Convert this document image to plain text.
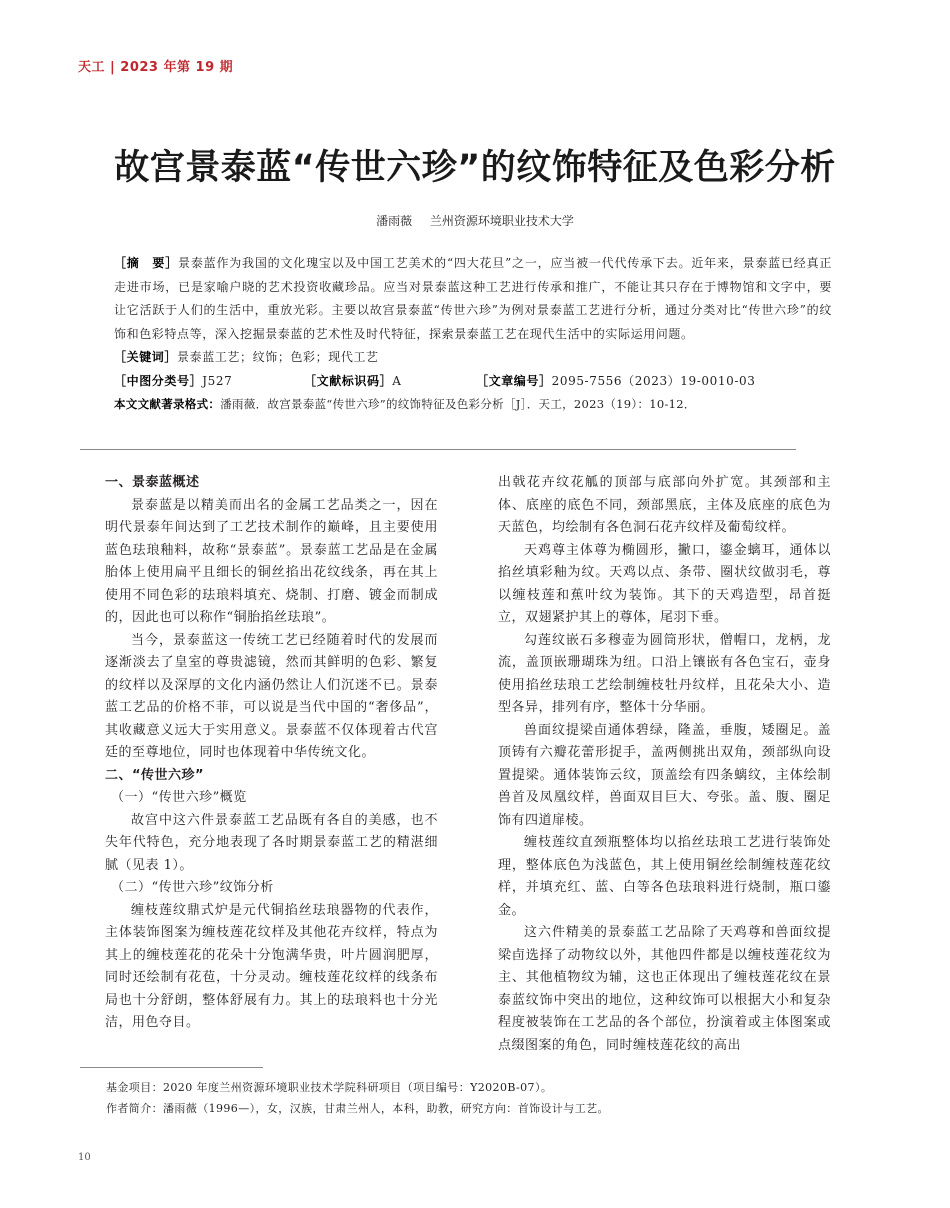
天工 | 2023 年第 19 期
故宫景泰蓝“传世六珍”的纹饰特征及色彩分析
潘雨薇 兰州资源环境职业技术大学

［摘　要］景泰蓝作为我国的文化瑰宝以及中国工艺美术的“四大花旦”之一，应当被一代代传承下去。近年来，景泰蓝已经真正走进市场，已是家喻户晓的艺术投资收藏珍品。应当对景泰蓝这种工艺进行传承和推广，不能让其只存在于博物馆和文字中，要让它活跃于人们的生活中，重放光彩。主要以故宫景泰蓝“传世六珍”为例对景泰蓝工艺进行分析，通过分类对比“传世六珍”的纹饰和色彩特点等，深入挖掘景泰蓝的艺术性及时代特征，探索景泰蓝工艺在现代生活中的实际运用问题。

［关键词］景泰蓝工艺；纹饰；色彩；现代工艺

［中图分类号］J527	［文献标识码］A	［文章编号］2095-7556（2023）19-0010-03

本文文献著录格式：潘雨薇．故宫景泰蓝“传世六珍”的纹饰特征及色彩分析［J］．天工，2023（19）：10-12．

一、景泰蓝概述

景泰蓝是以精美而出名的金属工艺品类之一，因在明代景泰年间达到了工艺技术制作的巅峰，且主要使用蓝色珐琅釉料，故称“景泰蓝”。景泰蓝工艺品是在金属胎体上使用扁平且细长的铜丝掐出花纹线条，再在其上使用不同色彩的珐琅料填充、烧制、打磨、镀金而制成的，因此也可以称作“铜胎掐丝珐琅”。

当今，景泰蓝这一传统工艺已经随着时代的发展而逐渐淡去了皇室的尊贵滤镜，然而其鲜明的色彩、繁复的纹样以及深厚的文化内涵仍然让人们沉迷不已。景泰蓝工艺品的价格不菲，可以说是当代中国的“奢侈品”，其收藏意义远大于实用意义。景泰蓝不仅体现着古代宫廷的至尊地位，同时也体现着中华传统文化。

二、“传世六珍”

（一）“传世六珍”概览

故宫中这六件景泰蓝工艺品既有各自的美感，也不失年代特色，充分地表现了各时期景泰蓝工艺的精湛细腻（见表 1）。

（二）“传世六珍”纹饰分析

缠枝莲纹鼎式炉是元代铜掐丝珐琅器物的代表作，主体装饰图案为缠枝莲花纹样及其他花卉纹样，特点为其上的缠枝莲花的花朵十分饱满华贵，叶片圆润肥厚，同时还绘制有花苞，十分灵动。缠枝莲花纹样的线条布局也十分舒朗，整体舒展有力。其上的珐琅料也十分光洁，用色夺目。

出戟花卉纹花觚的顶部与底部向外扩宽。其颈部和主体、底座的底色不同，颈部黑底，主体及底座的底色为天蓝色，均绘制有各色洞石花卉纹样及葡萄纹样。

天鸡尊主体尊为椭圆形，撇口，鎏金螭耳，通体以掐丝填彩釉为纹。天鸡以点、条带、圈状纹做羽毛，尊以缠枝莲和蕉叶纹为装饰。其下的天鸡造型，昂首挺立，双翅紧护其上的尊体，尾羽下垂。

勾莲纹嵌石多穆壶为圆筒形状，僧帽口，龙柄，龙流，盖顶嵌珊瑚珠为纽。口沿上镶嵌有各色宝石，壶身使用掐丝珐琅工艺绘制缠枝牡丹纹样，且花朵大小、造型各异，排列有序，整体十分华丽。

兽面纹提梁卣通体碧绿，隆盖，垂腹，矮圈足。盖顶铸有六瓣花蕾形捉手，盖两侧挑出双角，颈部纵向设置提梁。通体装饰云纹，顶盖绘有四条螭纹，主体绘制兽首及凤凰纹样，兽面双目巨大、夸张。盖、腹、圈足饰有四道扉棱。

缠枝莲纹直颈瓶整体均以掐丝珐琅工艺进行装饰处理，整体底色为浅蓝色，其上使用铜丝绘制缠枝莲花纹样，并填充红、蓝、白等各色珐琅料进行烧制，瓶口鎏金。

这六件精美的景泰蓝工艺品除了天鸡尊和兽面纹提梁卣选择了动物纹以外，其他四件都是以缠枝莲花纹为主、其他植物纹为辅，这也正体现出了缠枝莲花纹在景泰蓝纹饰中突出的地位，这种纹饰可以根据大小和复杂程度被装饰在工艺品的各个部位，扮演着或主体图案或点缀图案的角色，同时缠枝莲花纹的高出

基金项目：2020 年度兰州资源环境职业技术学院科研项目（项目编号：Y2020B-07）。

作者简介：潘雨薇（1996—），女，汉族，甘肃兰州人，本科，助教，研究方向：首饰设计与工艺。

10
